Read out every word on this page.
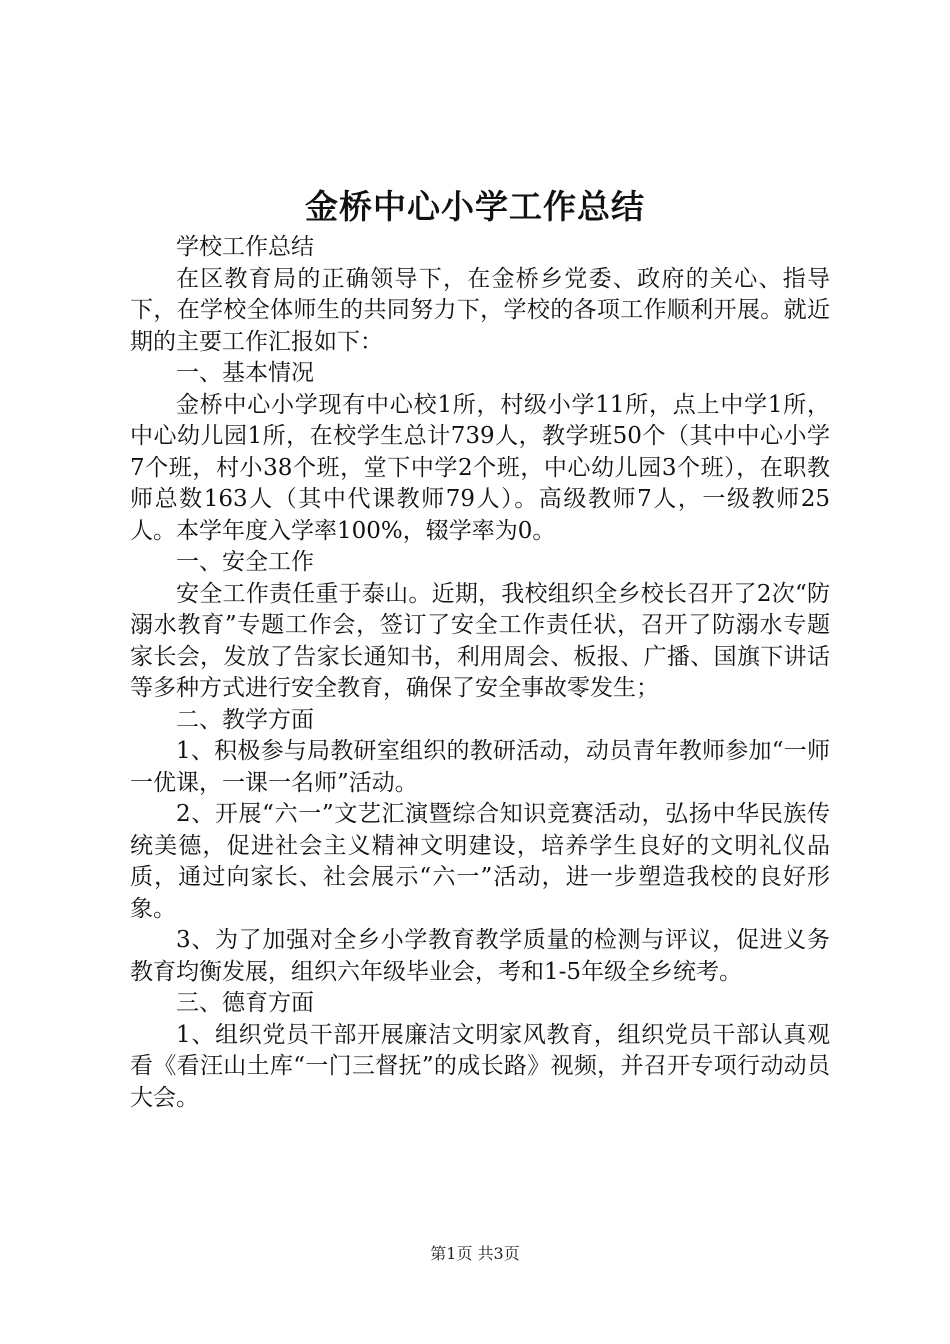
金桥中心小学工作总结

学校工作总结

在区教育局的正确领导下，在金桥乡党委、政府的关心、指导下，在学校全体师生的共同努力下，学校的各项工作顺利开展。就近期的主要工作汇报如下：

一、基本情况

金桥中心小学现有中心校1所，村级小学11所，点上中学1所，中心幼儿园1所，在校学生总计739人，教学班50个（其中中心小学7个班，村小38个班，堂下中学2个班，中心幼儿园3个班），在职教师总数163人（其中代课教师79人）。高级教师7人，一级教师25人。本学年度入学率100%，辍学率为0。

一、安全工作

安全工作责任重于泰山。近期，我校组织全乡校长召开了2次“防溺水教育”专题工作会，签订了安全工作责任状，召开了防溺水专题家长会，发放了告家长通知书，利用周会、板报、广播、国旗下讲话等多种方式进行安全教育，确保了安全事故零发生；

二、教学方面

1、积极参与局教研室组织的教研活动，动员青年教师参加“一师一优课，一课一名师”活动。

2、开展“六一”文艺汇演暨综合知识竞赛活动，弘扬中华民族传统美德，促进社会主义精神文明建设，培养学生良好的文明礼仪品质，通过向家长、社会展示“六一”活动，进一步塑造我校的良好形象。

3、为了加强对全乡小学教育教学质量的检测与评议，促进义务教育均衡发展，组织六年级毕业会，考和1-5年级全乡统考。

三、德育方面

1、组织党员干部开展廉洁文明家风教育，组织党员干部认真观看《看汪山土库“一门三督抚”的成长路》视频，并召开专项行动动员大会。

第1页 共3页
